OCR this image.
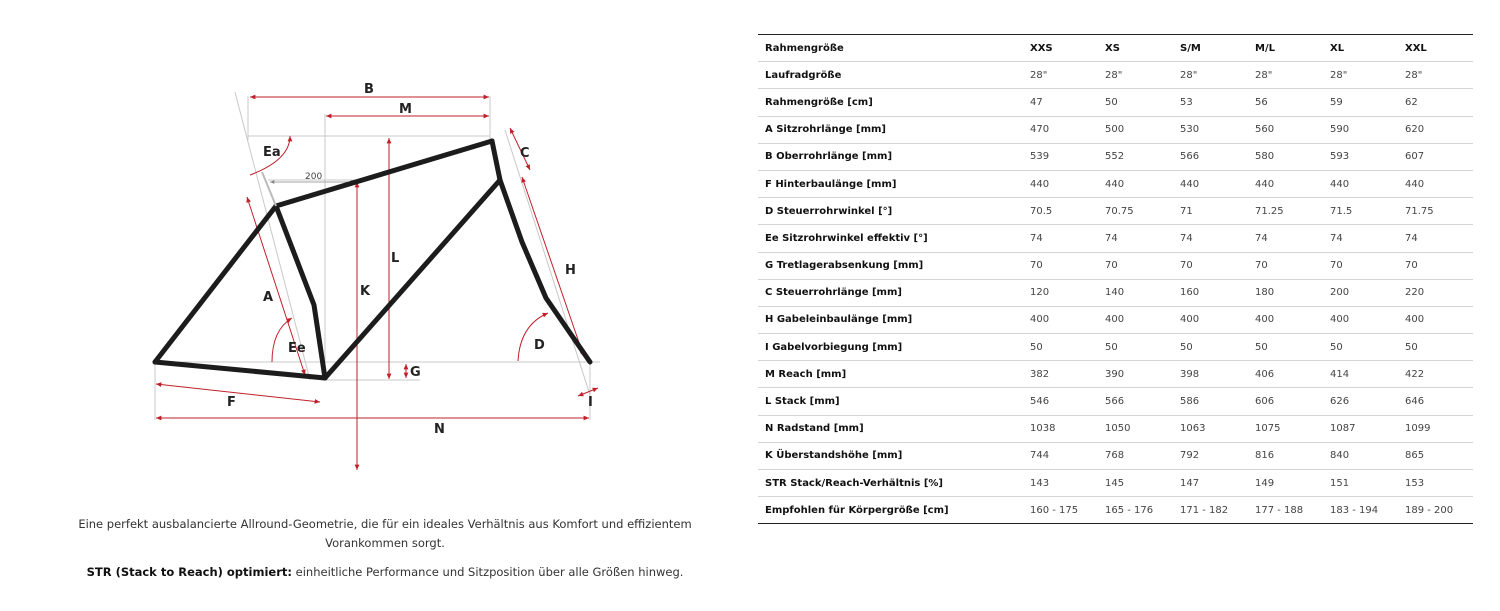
B
M
C
Ea
200
L
K
H
A
Ee	D
G
F	I
N
Eine perfekt ausbalancierte Allround-Geometrie, die für ein ideales Verhältnis aus Komfort und effizientem Vorankommen sorgt.
STR (Stack to Reach) optimiert: einheitliche Performance und Sitzposition über alle Größen hinweg.
Rahmengröße	XXS	XS	S/M	M/L	XL	XXL
Laufradgröße	28"	28"	28"	28"	28"	28"
Rahmengröße [cm]	47	50	53	56	59	62
A Sitzrohrlänge [mm]	470	500	530	560	590	620
B Oberrohrlänge [mm]	539	552	566	580	593	607
F Hinterbaulänge [mm]	440	440	440	440	440	440
D Steuerrohrwinkel [°]	70.5	70.75	71	71.25	71.5	71.75
Ee Sitzrohrwinkel effektiv [°]	74	74	74	74	74	74
G Tretlagerabsenkung [mm]	70	70	70	70	70	70
C Steuerrohrlänge [mm]	120	140	160	180	200	220
H Gabeleinbaulänge [mm]	400	400	400	400	400	400
I Gabelvorbiegung [mm]	50	50	50	50	50	50
M Reach [mm]	382	390	398	406	414	422
L Stack [mm]	546	566	586	606	626	646
N Radstand [mm]	1038	1050	1063	1075	1087	1099
K Überstandshöhe [mm]	744	768	792	816	840	865
STR Stack/Reach-Verhältnis [%]	143	145	147	149	151	153
Empfohlen für Körpergröße [cm]	160 - 175	165 - 176	171 - 182	177 - 188	183 - 194	189 - 200
